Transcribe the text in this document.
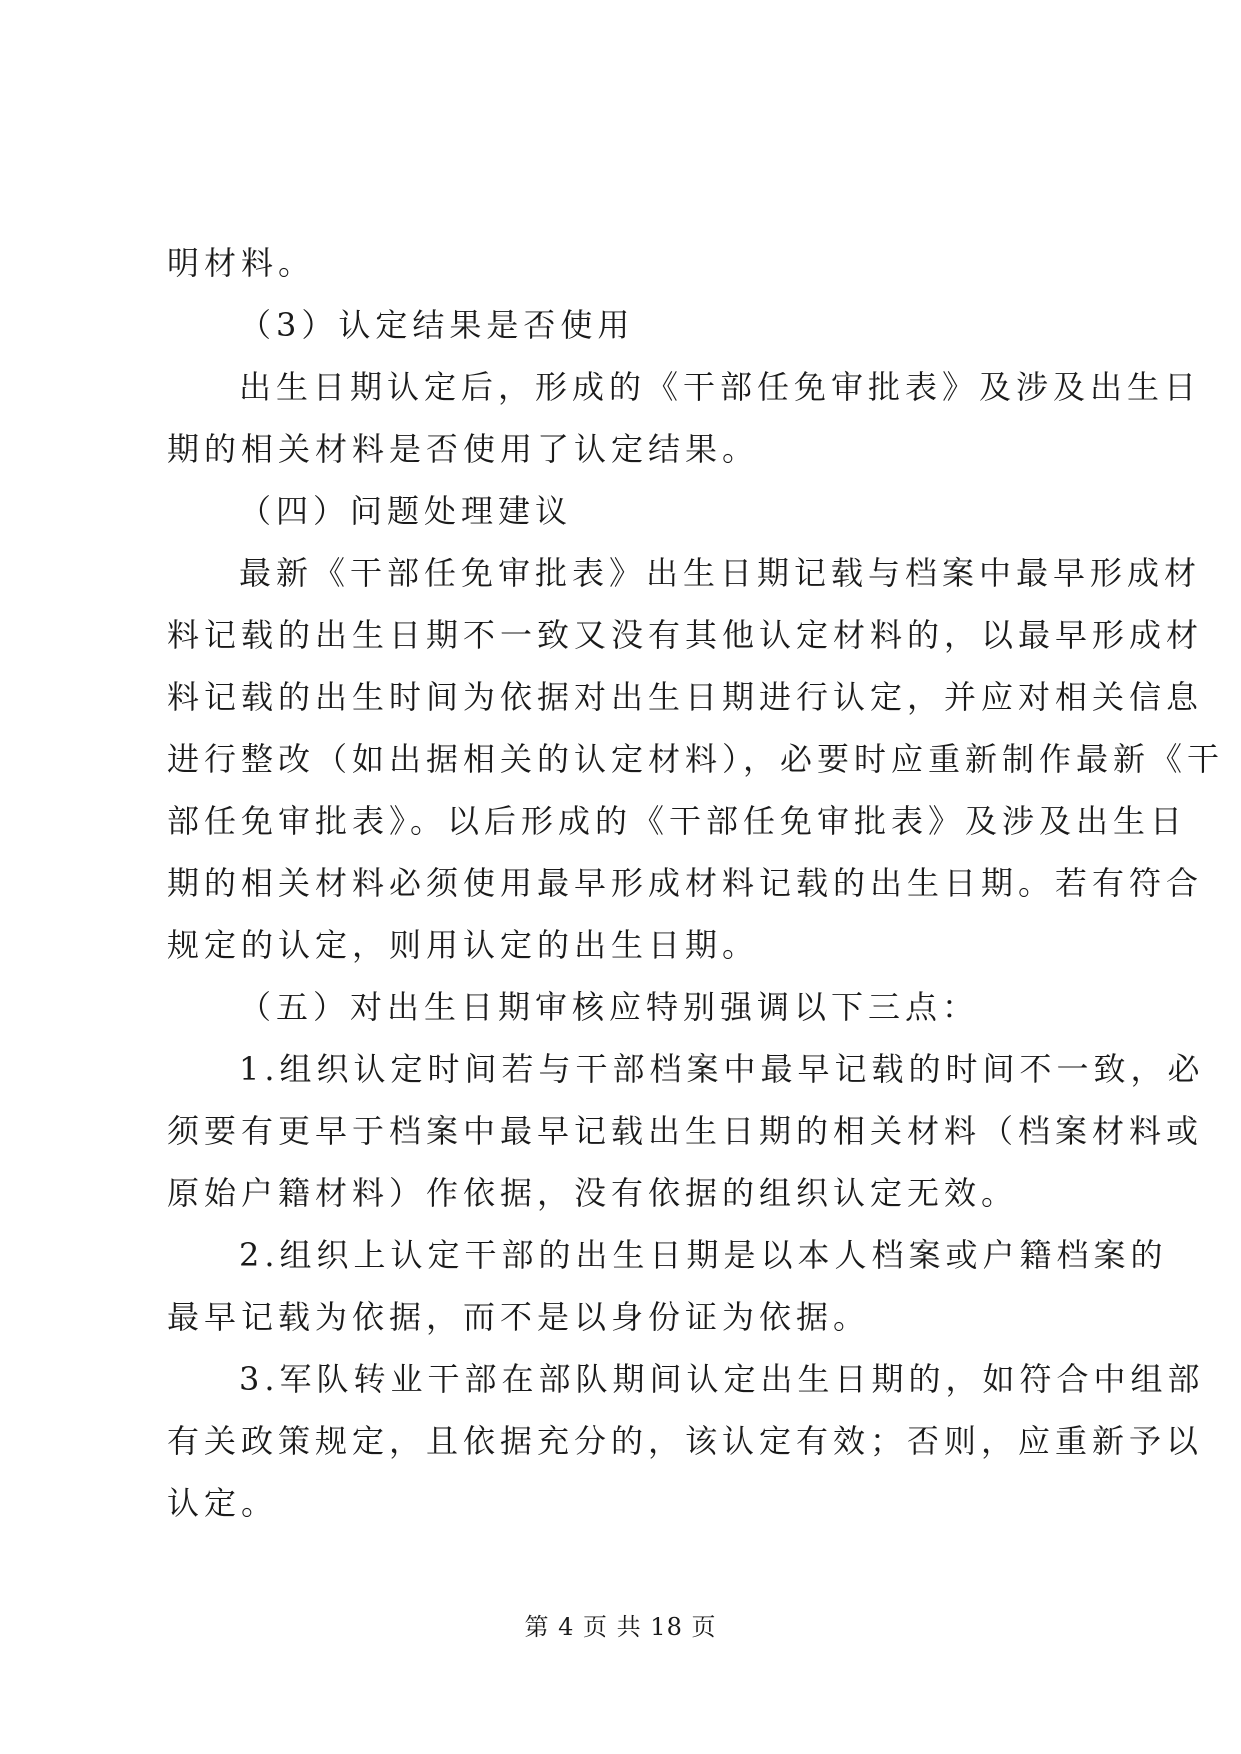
明材料。
（3）认定结果是否使用
出生日期认定后，形成的《干部任免审批表》及涉及出生日
期的相关材料是否使用了认定结果。
（四）问题处理建议
最新《干部任免审批表》出生日期记载与档案中最早形成材
料记载的出生日期不一致又没有其他认定材料的，以最早形成材
料记载的出生时间为依据对出生日期进行认定，并应对相关信息
进行整改（如出据相关的认定材料），必要时应重新制作最新《干
部任免审批表》。以后形成的《干部任免审批表》及涉及出生日
期的相关材料必须使用最早形成材料记载的出生日期。若有符合
规定的认定，则用认定的出生日期。
（五）对出生日期审核应特别强调以下三点：
1.组织认定时间若与干部档案中最早记载的时间不一致，必
须要有更早于档案中最早记载出生日期的相关材料（档案材料或
原始户籍材料）作依据，没有依据的组织认定无效。
2.组织上认定干部的出生日期是以本人档案或户籍档案的
最早记载为依据，而不是以身份证为依据。
3.军队转业干部在部队期间认定出生日期的，如符合中组部
有关政策规定，且依据充分的，该认定有效；否则，应重新予以
认定。
第 4 页 共 18 页
